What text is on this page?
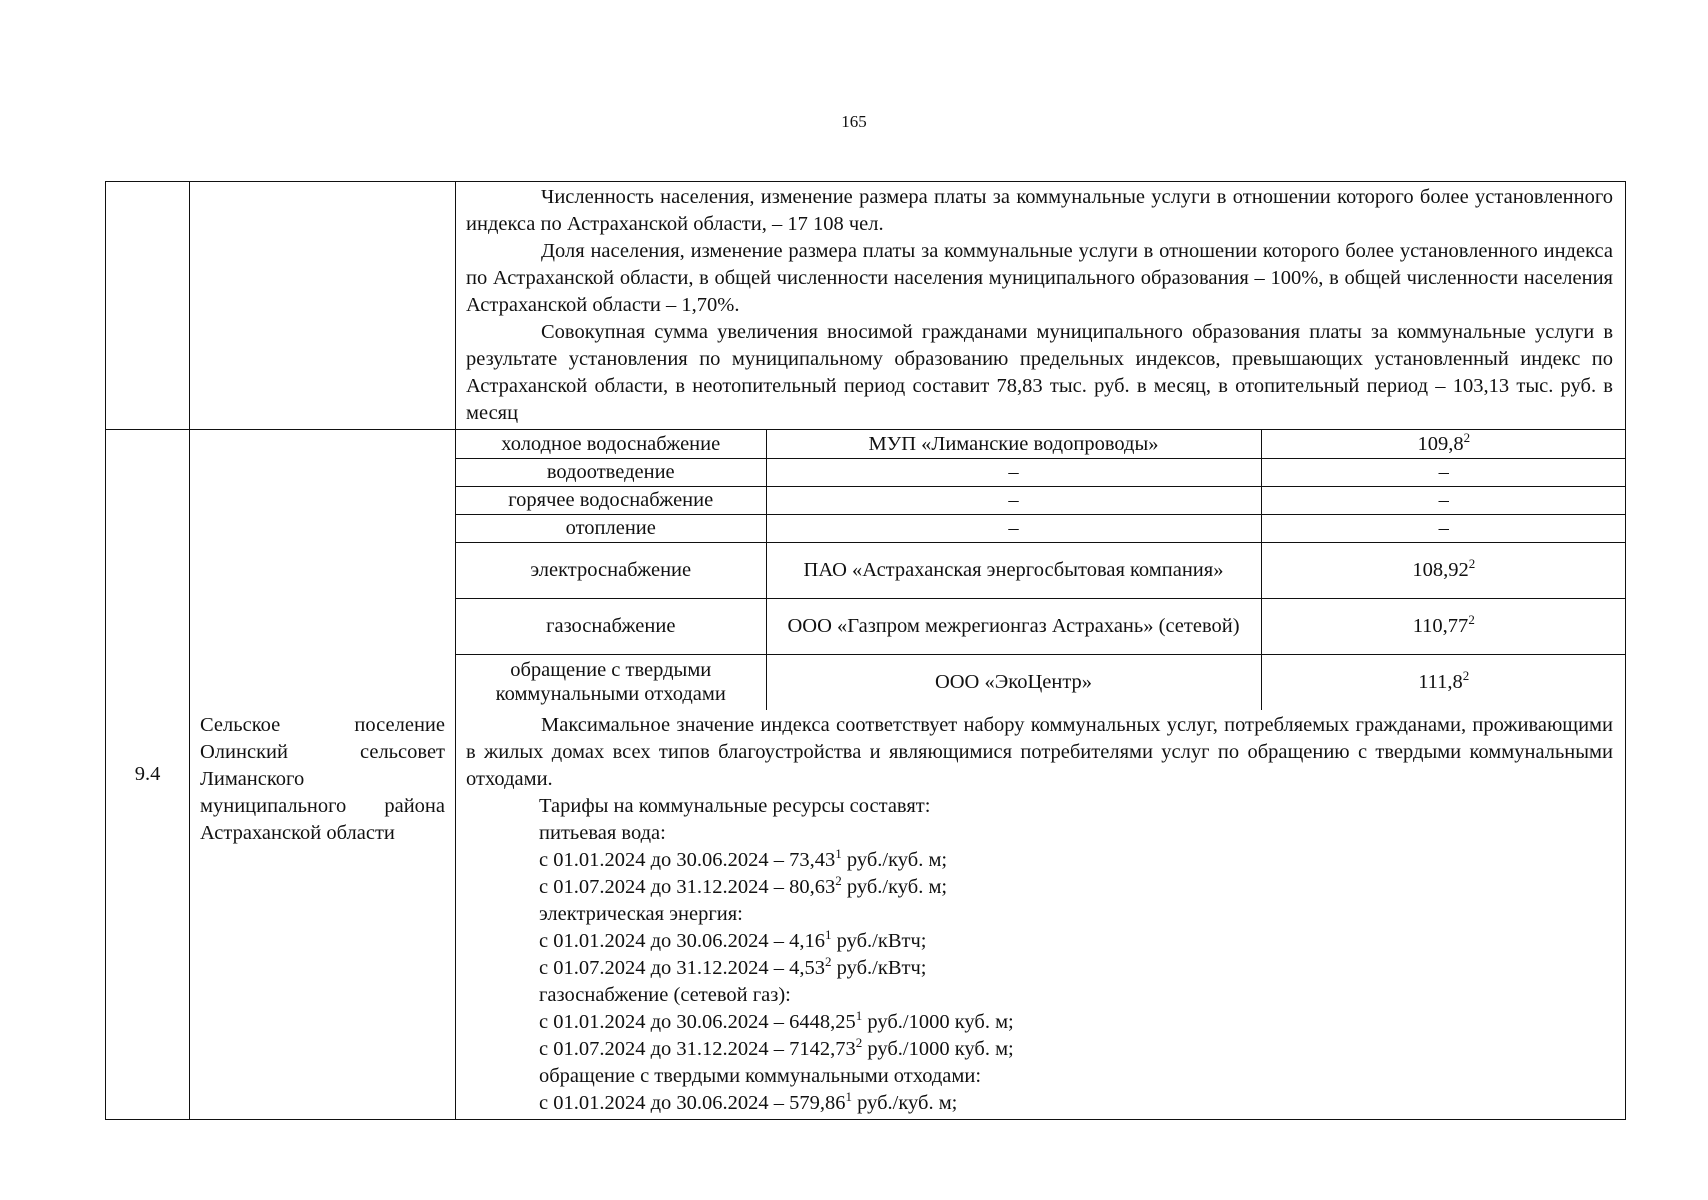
165

Численность населения, изменение размера платы за коммунальные услуги в отношении которого более установленного индекса по Астраханской области, – 17 108 чел.

Доля населения, изменение размера платы за коммунальные услуги в отношении которого более установленного индекса по Астраханской области, в общей численности населения муниципального образования – 100%, в общей численности населения Астраханской области – 1,70%.

Совокупная сумма увеличения вносимой гражданами муниципального образования платы за коммунальные услуги в результате установления по муниципальному образованию предельных индексов, превышающих установленный индекс по Астраханской области, в неотопительный период составит 78,83 тыс. руб. в месяц, в отопительный период – 103,13 тыс. руб. в месяц

9.4	
Сельское поселение Олинский сельсовет Лиманского муниципального района Астраханской области

холодное водоснабжение	МУП «Лиманские водопроводы»	109,8$^2$
водоотведение	–	–
горячее водоснабжение	–	–
отопление	–	–
электроснабжение	ПАО «Астраханская энергосбытовая компания»	108,92$^2$
газоснабжение	ООО «Газпром межрегионгаз Астрахань» (сетевой)	110,77$^2$
обращение с твердыми коммунальными отходами	ООО «ЭкоЦентр»	111,8$^2$

Максимальное значение индекса соответствует набору коммунальных услуг, потребляемых гражданами, проживающими в жилых домах всех типов благоустройства и являющимися потребителями услуг по обращению с твердыми коммунальными отходами.

Тарифы на коммунальные ресурсы составят:

питьевая вода:

с 01.01.2024 до 30.06.2024 – 73,43$^1$ руб./куб. м;

с 01.07.2024 до 31.12.2024 – 80,63$^2$ руб./куб. м;

электрическая энергия:

с 01.01.2024 до 30.06.2024 – 4,16$^1$ руб./кВтч;

с 01.07.2024 до 31.12.2024 – 4,53$^2$ руб./кВтч;

газоснабжение (сетевой газ):

с 01.01.2024 до 30.06.2024 – 6448,25$^1$ руб./1000 куб. м;

с 01.07.2024 до 31.12.2024 – 7142,73$^2$ руб./1000 куб. м;

обращение с твердыми коммунальными отходами:

с 01.01.2024 до 30.06.2024 – 579,86$^1$ руб./куб. м;
